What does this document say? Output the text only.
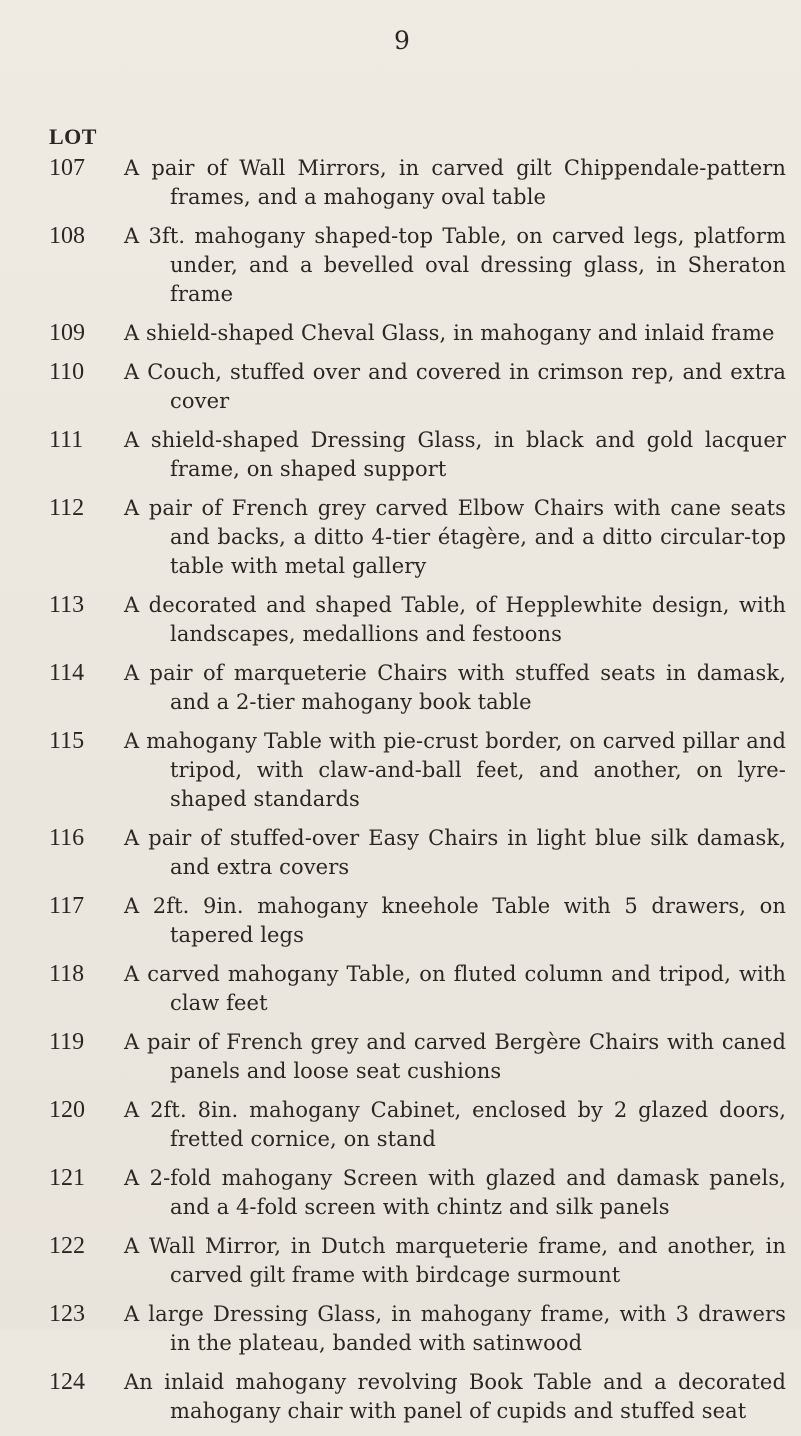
9
LOT
107	A pair of Wall Mirrors, in carved gilt Chippendale-pattern frames, and a mahogany oval table
108	A 3ft. mahogany shaped-top Table, on carved legs, platform under, and a bevelled oval dressing glass, in Sheraton frame
109	A shield-shaped Cheval Glass, in mahogany and inlaid frame
110	A Couch, stuffed over and covered in crimson rep, and extra cover
111	A shield-shaped Dressing Glass, in black and gold lacquer frame, on shaped support
112	A pair of French grey carved Elbow Chairs with cane seats and backs, a ditto 4-tier étagère, and a ditto circular-top table with metal gallery
113	A decorated and shaped Table, of Hepplewhite design, with landscapes, medallions and festoons
114	A pair of marqueterie Chairs with stuffed seats in damask, and a 2-tier mahogany book table
115	A mahogany Table with pie-crust border, on carved pillar and tripod, with claw-and-ball feet, and another, on lyre-shaped standards
116	A pair of stuffed-over Easy Chairs in light blue silk damask, and extra covers
117	A 2ft. 9in. mahogany kneehole Table with 5 drawers, on tapered legs
118	A carved mahogany Table, on fluted column and tripod, with claw feet
119	A pair of French grey and carved Bergère Chairs with caned panels and loose seat cushions
120	A 2ft. 8in. mahogany Cabinet, enclosed by 2 glazed doors, fretted cornice, on stand
121	A 2-fold mahogany Screen with glazed and damask panels, and a 4-fold screen with chintz and silk panels
122	A Wall Mirror, in Dutch marqueterie frame, and another, in carved gilt frame with birdcage surmount
123	A large Dressing Glass, in mahogany frame, with 3 drawers in the plateau, banded with satinwood
124	An inlaid mahogany revolving Book Table and a decorated mahogany chair with panel of cupids and stuffed seat
